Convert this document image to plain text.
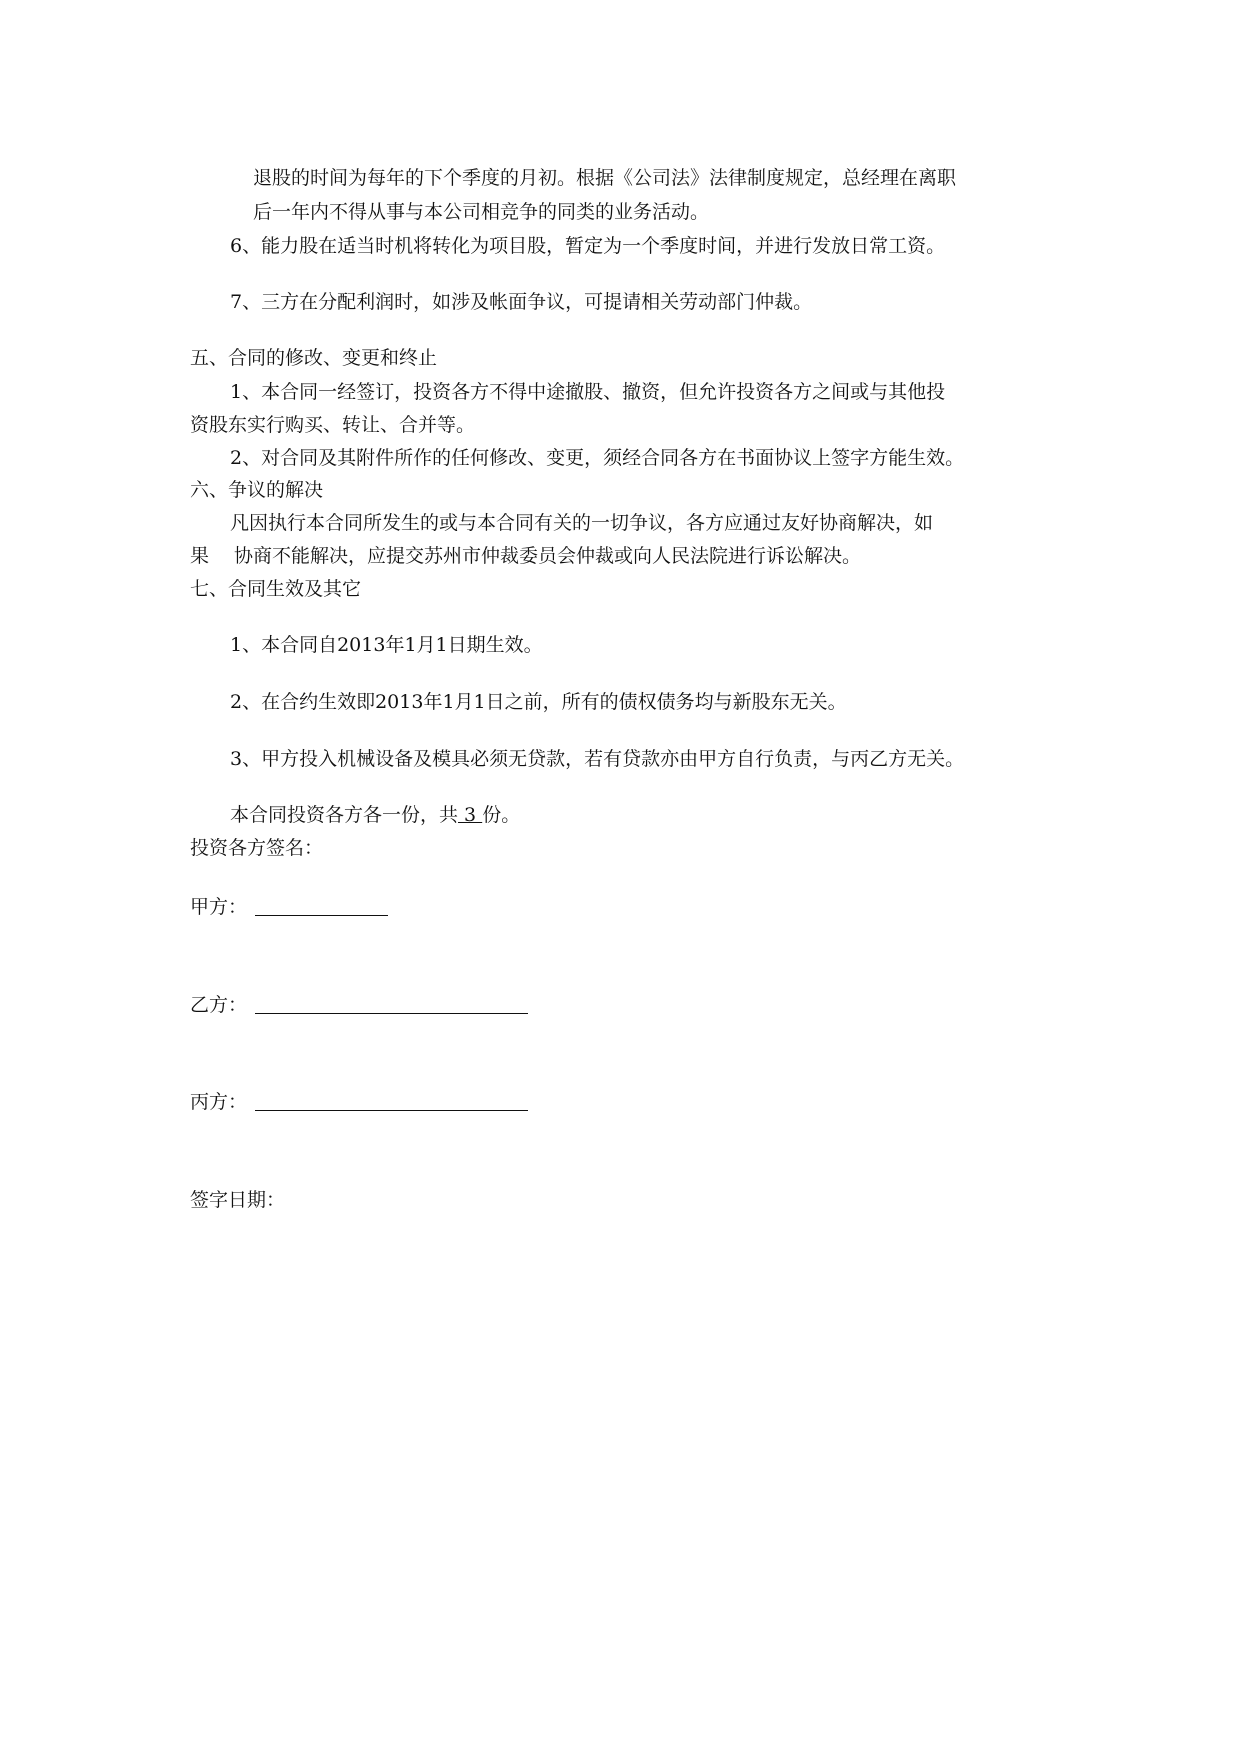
退股的时间为每年的下个季度的月初。根据《公司法》法律制度规定，总经理在离职
后一年内不得从事与本公司相竞争的同类的业务活动。
6、能力股在适当时机将转化为项目股，暂定为一个季度时间，并进行发放日常工资。
7、三方在分配利润时，如涉及帐面争议，可提请相关劳动部门仲裁。
五、合同的修改、变更和终止
1、本合同一经签订，投资各方不得中途撤股、撤资，但允许投资各方之间或与其他投
资股东实行购买、转让、合并等。
2、对合同及其附件所作的任何修改、变更，须经合同各方在书面协议上签字方能生效。
六、争议的解决
凡因执行本合同所发生的或与本合同有关的一切争议，各方应通过友好协商解决，如
果　 协商不能解决，应提交苏州市仲裁委员会仲裁或向人民法院进行诉讼解决。
七、合同生效及其它
1、本合同自2013年1月1日期生效。
2、在合约生效即2013年1月1日之前，所有的债权债务均与新股东无关。
3、甲方投入机械设备及模具必须无贷款，若有贷款亦由甲方自行负责，与丙乙方无关。
本合同投资各方各一份，共 3 份。
投资各方签名：
甲方：
乙方：
丙方：
签字日期：
